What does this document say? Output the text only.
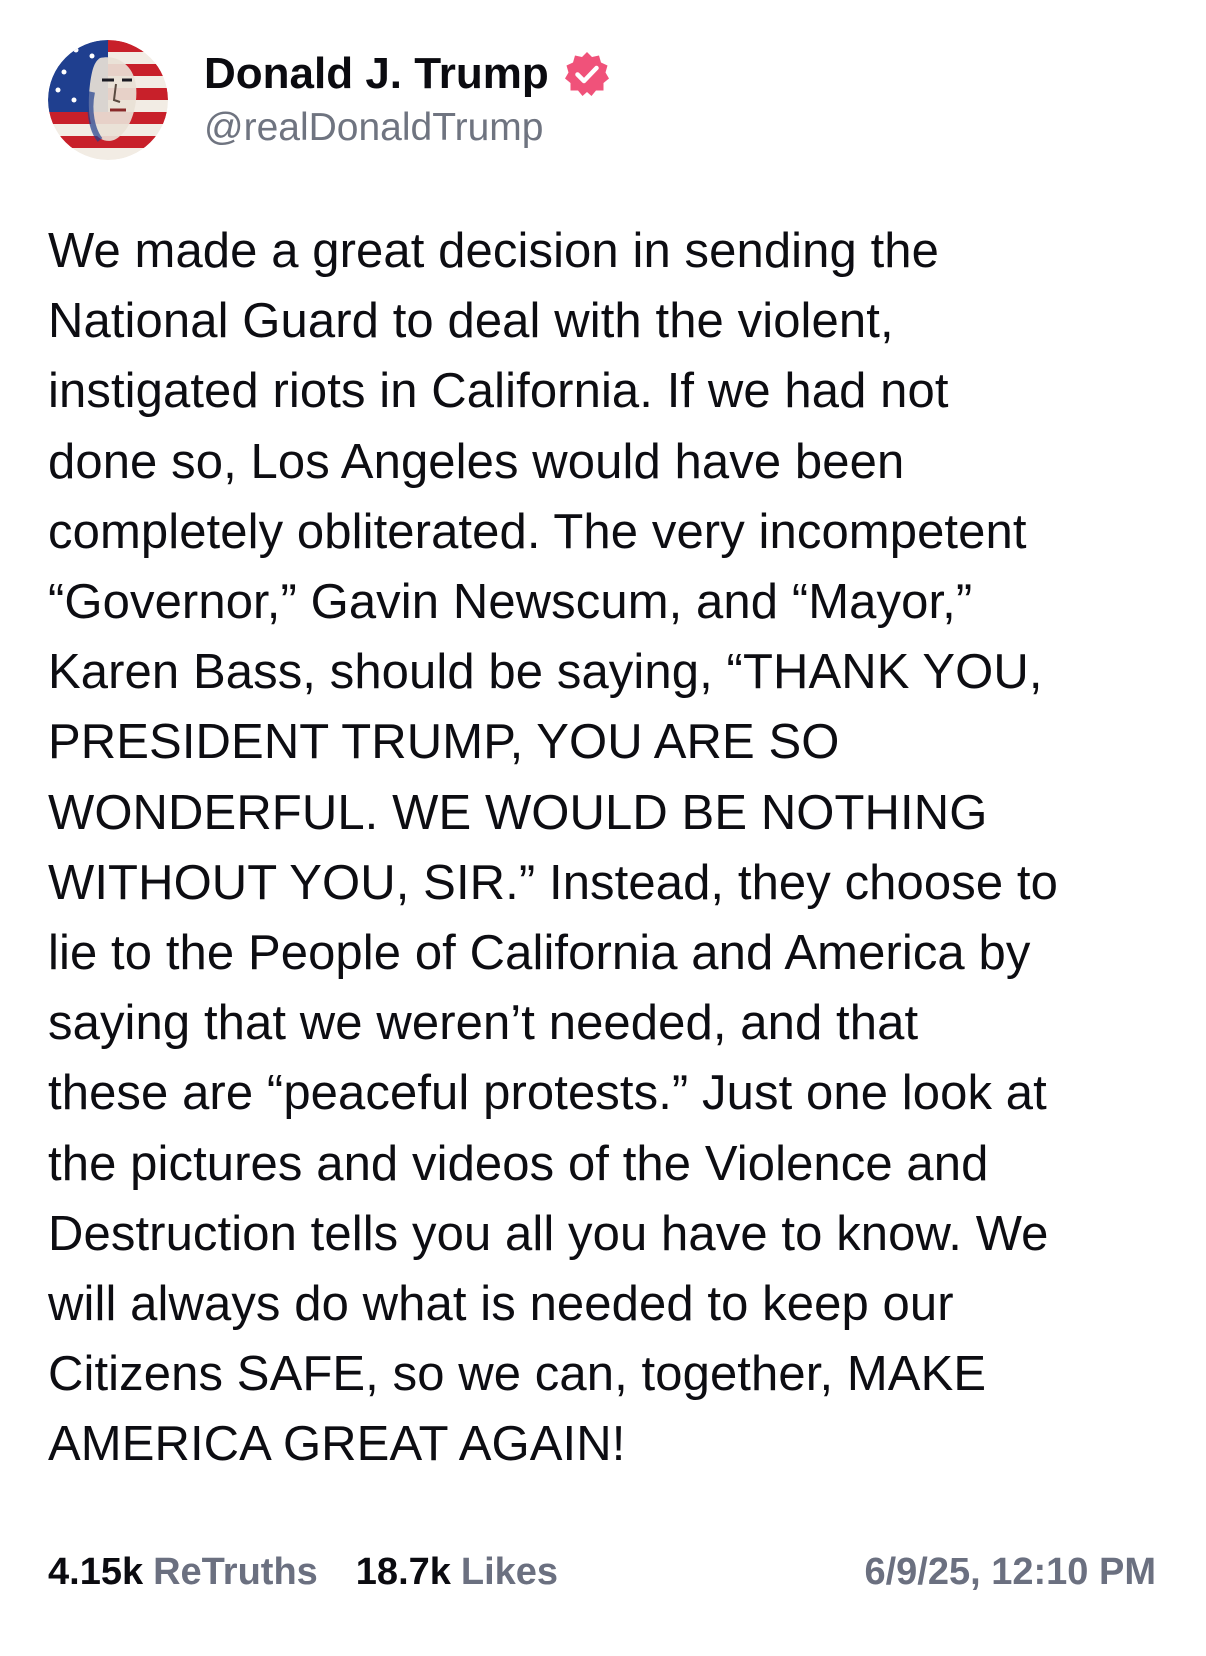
Donald J. Trump
@realDonaldTrump
We made a great decision in sending the
National Guard to deal with the violent,
instigated riots in California. If we had not
done so, Los Angeles would have been
completely obliterated. The very incompetent
“Governor,” Gavin Newscum, and “Mayor,”
Karen Bass, should be saying, “THANK YOU,
PRESIDENT TRUMP, YOU ARE SO
WONDERFUL. WE WOULD BE NOTHING
WITHOUT YOU, SIR.” Instead, they choose to
lie to the People of California and America by
saying that we weren’t needed, and that
these are “peaceful protests.” Just one look at
the pictures and videos of the Violence and
Destruction tells you all you have to know. We
will always do what is needed to keep our
Citizens SAFE, so we can, together, MAKE
AMERICA GREAT AGAIN!
4.15k ReTruths 18.7k Likes	6/9/25, 12:10 PM
